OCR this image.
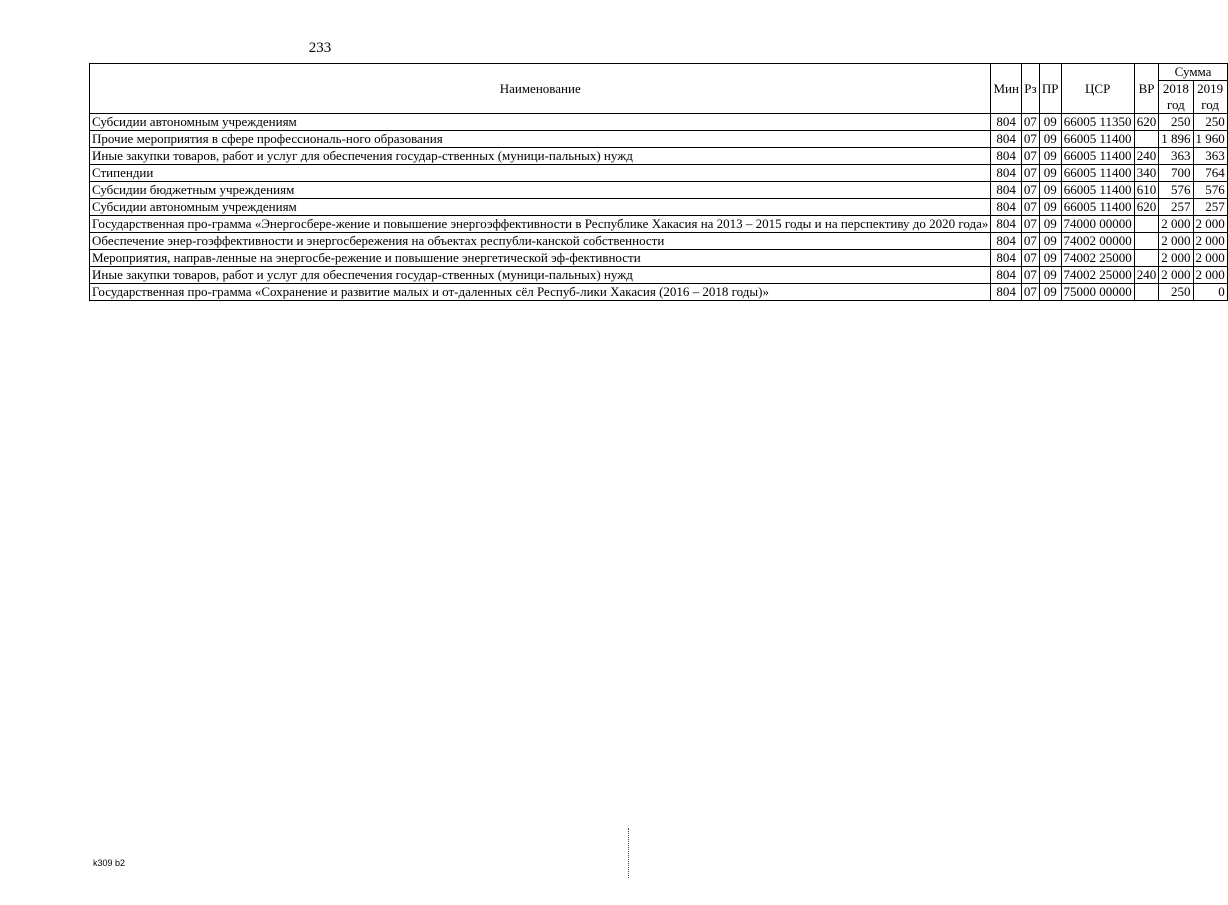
233
Наименование	Мин	Рз	ПР	ЦСР	ВР	Сумма	
						2018 год	2019 год
Субсидии автономным учреждениям	804	07	09	66005 11350	620	250	250
Прочие мероприятия в сфере профессиональ-ного образования	804	07	09	66005 11400		1 896	1 960
Иные закупки товаров, работ и услуг для обеспечения государ-ственных (муници-пальных) нужд	804	07	09	66005 11400	240	363	363
Стипендии	804	07	09	66005 11400	340	700	764
Субсидии бюджетным учреждениям	804	07	09	66005 11400	610	576	576
Субсидии автономным учреждениям	804	07	09	66005 11400	620	257	257
Государственная про-грамма «Энергосбере-жение и повышение энергоэффективности в Республике Хакасия на 2013 – 2015 годы и на перспективу до 2020 года»	804	07	09	74000 00000		2 000	2 000
Обеспечение энер-гоэффективности и энергосбережения на объектах республи-канской собственности	804	07	09	74002 00000		2 000	2 000
Мероприятия, направ-ленные на энергосбе-режение и повышение энергетической эф-фективности	804	07	09	74002 25000		2 000	2 000
Иные закупки товаров, работ и услуг для обеспечения государ-ственных (муници-пальных) нужд	804	07	09	74002 25000	240	2 000	2 000
Государственная про-грамма «Сохранение и развитие малых и от-даленных сёл Респуб-лики Хакасия (2016 – 2018 годы)»	804	07	09	75000 00000		250	0
k309 b2
